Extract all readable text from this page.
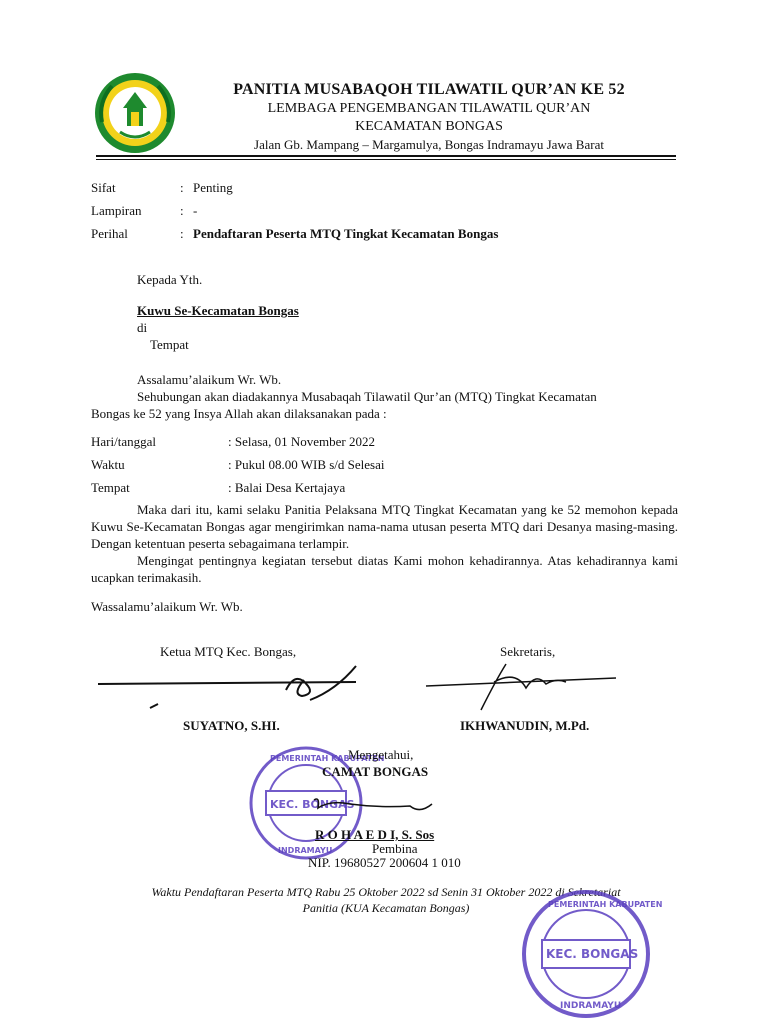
PANITIA MUSABAQOH TILAWATIL QUR’AN KE 52
LEMBAGA PENGEMBANGAN TILAWATIL QUR’AN
KECAMATAN BONGAS
Jalan Gb. Mampang – Margamulya, Bongas Indramayu Jawa Barat
Sifat	: Penting
Lampiran	: -
Perihal	: Pendaftaran Peserta MTQ Tingkat Kecamatan Bongas
Kepada Yth.
Kuwu Se-Kecamatan Bongas
di
Tempat
Assalamu’alaikum Wr. Wb.
Sehubungan akan diadakannya Musabaqah Tilawatil Qur’an (MTQ) Tingkat Kecamatan
Bongas ke 52 yang Insya Allah akan dilaksanakan pada :
Hari/tanggal	: Selasa, 01 November 2022
Waktu	: Pukul 08.00 WIB s/d Selesai
Tempat	: Balai Desa Kertajaya
Maka dari itu, kami selaku Panitia Pelaksana MTQ Tingkat Kecamatan yang ke 52 memohon kepada Kuwu Se-Kecamatan Bongas agar mengirimkan nama-nama utusan peserta MTQ dari Desanya masing-masing. Dengan ketentuan peserta sebagaimana terlampir.
Mengingat pentingnya kegiatan tersebut diatas Kami mohon kehadirannya. Atas kehadirannya kami ucapkan terimakasih.
Wassalamu’alaikum Wr. Wb.
Ketua MTQ Kec. Bongas,	Sekretaris,
SUYATNO, S.HI.	IKHWANUDIN, M.Pd.
PEMERINTAH KABUPATEN
KEC. BONGAS
INDRAMAYU
Mengetahui,
CAMAT BONGAS
R O H A E D I, S. Sos
Pembina
NIP. 19680527 200604 1 010
Waktu Pendaftaran Peserta MTQ Rabu 25 Oktober 2022 sd Senin 31 Oktober 2022 di Sekretariat
Panitia (KUA Kecamatan Bongas)	PEMERINTAH KABUPATEN
KEC. BONGAS
INDRAMAYU
